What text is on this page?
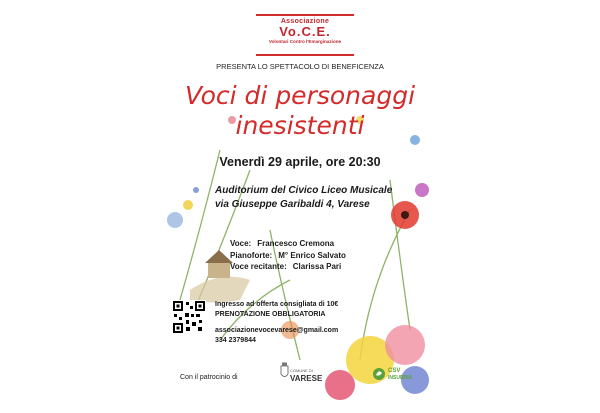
Associazione
Vo.C.E.
Volontari Contro l'Emarginazione
PRESENTA LO SPETTACOLO DI BENEFICENZA
Voci di personaggi
inesistenti
Venerdì 29 aprile, ore 20:30
Auditorium del Civico Liceo Musicale
via Giuseppe Garibaldi 4, Varese
Voce: Francesco Cremona
Pianoforte: M° Enrico Salvato
Voce recitante: Clarissa Pari
Ingresso ad offerta consigliata di 10€
PRENOTAZIONE OBBLIGATORIA
associazionevocevarese@gmail.com
334 2379844
Con il patrocinio di
COMUNE DI
VARESE
CSV
INSUBRIA
